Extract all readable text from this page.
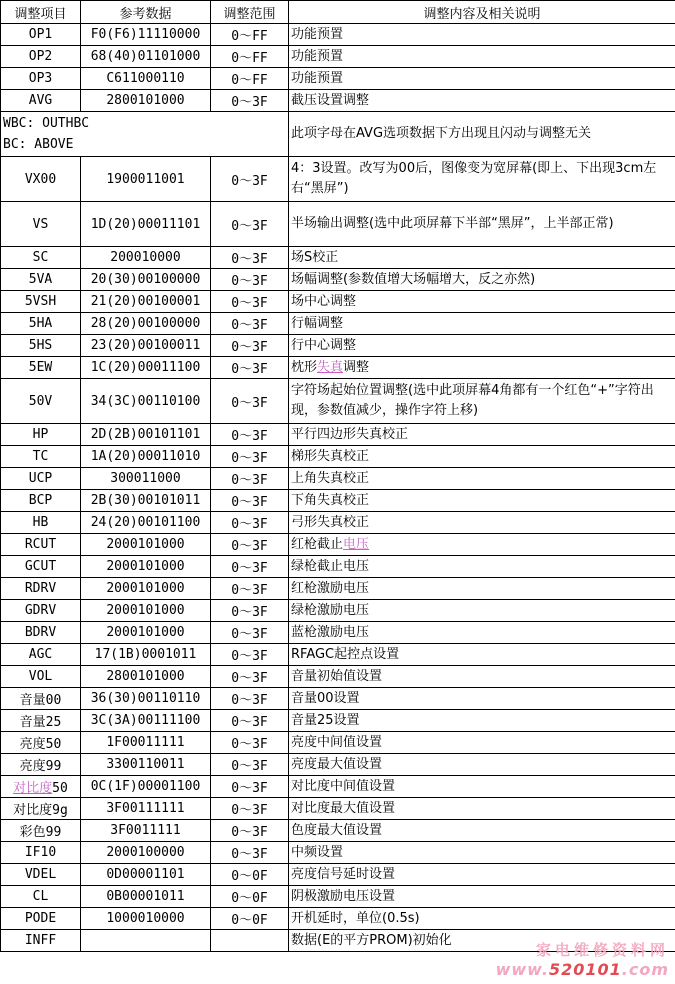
调整项目	参考数据	调整范围	调整内容及相关说明
OP1	F0(F6)11110000	0～FF	功能预置
OP2	68(40)01101000	0～FF	功能预置
OP3	C611000110	0～FF	功能预置
AVG	2800101000	0～3F	截压设置调整

WBC: OUTHBC
BC: ABOVE			此项字母在AVG选项数据下方出现且闪动与调整无关
VX00	1900011001	0～3F	4：3设置。改写为00后，图像变为宽屏幕(即上、下出现3cm左右“黑屏”)
VS	1D(20)00011101	0～3F	半场输出调整(选中此项屏幕下半部“黑屏”，上半部正常)
SC	200010000	0～3F	场S校正
5VA	20(30)00100000	0～3F	场幅调整(参数值增大场幅增大，反之亦然)
5VSH	21(20)00100001	0～3F	场中心调整
5HA	28(20)00100000	0～3F	行幅调整
5HS	23(20)00100011	0～3F	行中心调整
5EW	1C(20)00011100	0～3F	枕形失真调整
50V	34(3C)00110100	0～3F	字符场起始位置调整(选中此项屏幕4角都有一个红色“+”字符出现，参数值减少，操作字符上移)
HP	2D(2B)00101101	0～3F	平行四边形失真校正
TC	1A(20)00011010	0～3F	梯形失真校正
UCP	300011000	0～3F	上角失真校正
BCP	2B(30)00101011	0～3F	下角失真校正
HB	24(20)00101100	0～3F	弓形失真校正
RCUT	2000101000	0～3F	红枪截止电压
GCUT	2000101000	0～3F	绿枪截止电压
RDRV	2000101000	0～3F	红枪激励电压
GDRV	2000101000	0～3F	绿枪激励电压
BDRV	2000101000	0～3F	蓝枪激励电压
AGC	17(1B)0001011	0～3F	RFAGC起控点设置
VOL	2800101000	0～3F	音量初始值设置
音量00	36(30)00110110	0～3F	音量00设置
音量25	3C(3A)00111100	0～3F	音量25设置
亮度50	1F00011111	0～3F	亮度中间值设置
亮度99	3300110011	0～3F	亮度最大值设置
对比度50	0C(1F)00001100	0～3F	对比度中间值设置
对比度9g	3F00111111	0～3F	对比度最大值设置
彩色99	3F0011111	0～3F	色度最大值设置
IF10	2000100000	0～3F	中频设置
VDEL	0D00001101	0～0F	亮度信号延时设置
CL	0B00001011	0～0F	阴极激励电压设置
PODE	1000010000	0～0F	开机延时，单位(0.5s)
INFF			数据(E的平方PROM)初始化
家电维修资料网
www.520101.com
